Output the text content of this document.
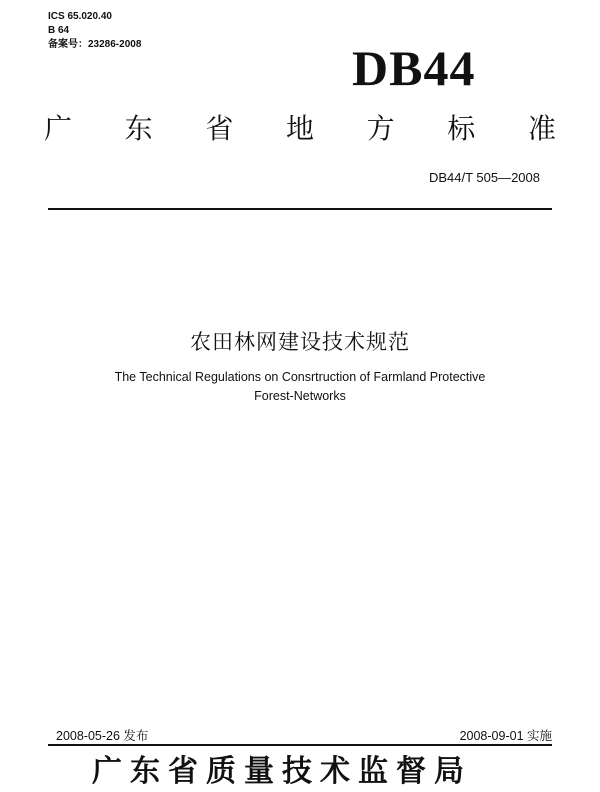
ICS 65.020.40
B 64
备案号：23286-2008	DB44
广 东 省 地 方 标 准
DB44/T 505—2008
农田林网建设技术规范
The Technical Regulations on Consrtruction of Farmland Protective
Forest-Networks
2008-05-26 发布	2008-09-01 实施
广东省质量技术监督局
